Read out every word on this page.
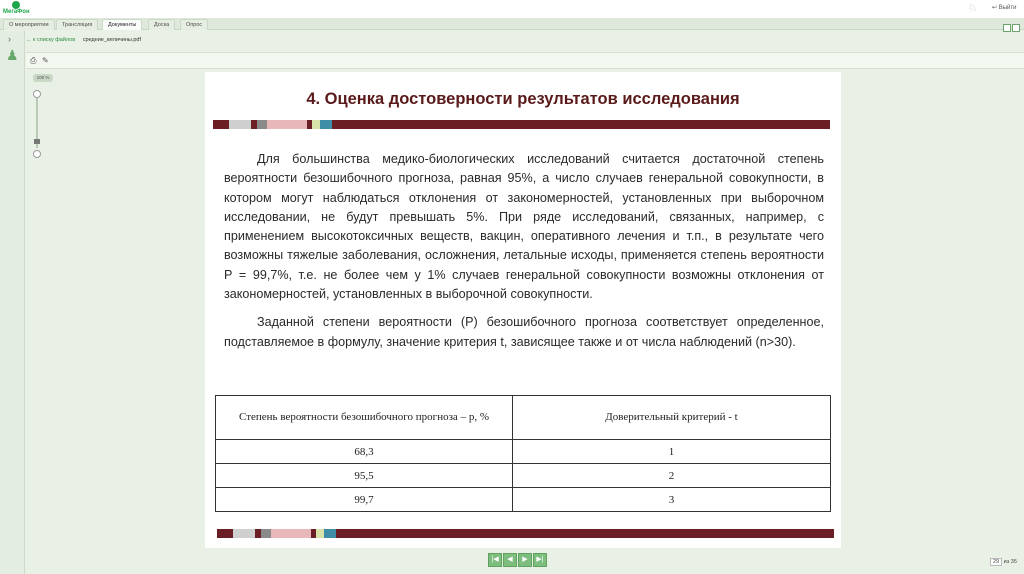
МегаФон	♘	↩ Выйти
О мероприятии	Трансляция	Документы	Доска	Опрос
›
♟
← к списку файлов средние_величины.pdf
⎙ ✎
100 %
4. Оценка достоверности результатов исследования

Для большинства медико-биологических исследований считается достаточной степень вероятности безошибочного прогноза, равная 95%, а число случаев генеральной совокупности, в котором могут наблюдаться отклонения от закономерностей, установленных при выборочном исследовании, не будут превышать 5%. При ряде исследований, связанных, например, с применением высокотоксичных веществ, вакцин, оперативного лечения и т.п., в результате чего возможны тяжелые заболевания, осложнения, летальные исходы, применяется степень вероятности Р = 99,7%, т.е. не более чем у 1% случаев генеральной совокупности возможны отклонения от закономерностей, установленных в выборочной совокупности.

Заданной степени вероятности (Р) безошибочного прогноза соответствует определенное, подставляемое в формулу, значение критерия t, зависящее также и от числа наблюдений (n>30).

Степень вероятности безошибочного прогноза – р, %	Доверительный критерий - t
68,3	1
95,5	2
99,7	3
|◀	◀	▶	▶|	29 из 35
